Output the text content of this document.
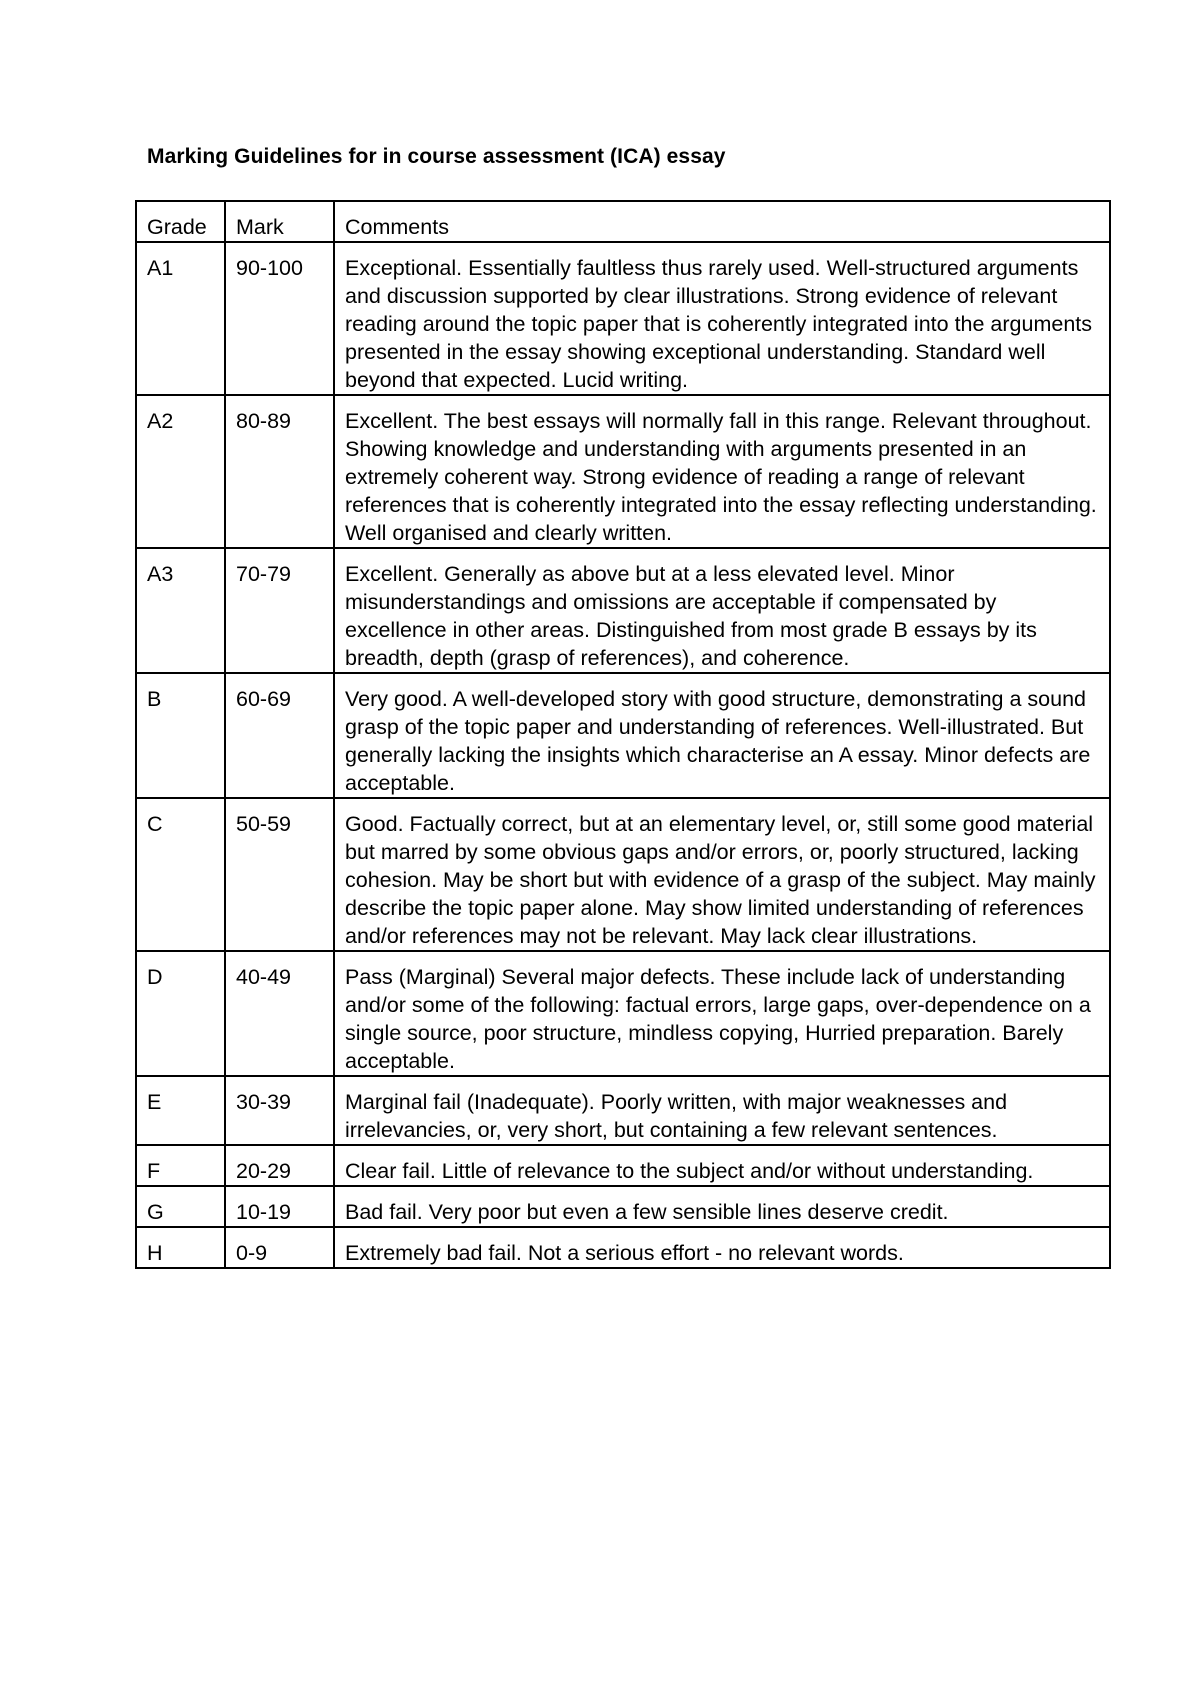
Marking Guidelines for in course assessment (ICA) essay
Grade	Mark	Comments
A1	90-100	Exceptional. Essentially faultless thus rarely used. Well-structured arguments and discussion supported by clear illustrations. Strong evidence of relevant reading around the topic paper that is coherently integrated into the arguments presented in the essay showing exceptional understanding. Standard well beyond that expected. Lucid writing.
A2	80-89	Excellent. The best essays will normally fall in this range. Relevant throughout. Showing knowledge and understanding with arguments presented in an extremely coherent way. Strong evidence of reading a range of relevant references that is coherently integrated into the essay reflecting understanding. Well organised and clearly written.
A3	70-79	Excellent. Generally as above but at a less elevated level. Minor misunderstandings and omissions are acceptable if compensated by excellence in other areas. Distinguished from most grade B essays by its breadth, depth (grasp of references), and coherence.
B	60-69	Very good. A well-developed story with good structure, demonstrating a sound grasp of the topic paper and understanding of references. Well-illustrated. But generally lacking the insights which characterise an A essay. Minor defects are acceptable.
C	50-59	Good. Factually correct, but at an elementary level, or, still some good material but marred by some obvious gaps and/or errors, or, poorly structured, lacking cohesion. May be short but with evidence of a grasp of the subject. May mainly describe the topic paper alone. May show limited understanding of references and/or references may not be relevant. May lack clear illustrations.
D	40-49	Pass (Marginal) Several major defects. These include lack of understanding and/or some of the following: factual errors, large gaps, over-dependence on a single source, poor structure, mindless copying, Hurried preparation. Barely acceptable.
E	30-39	Marginal fail (Inadequate). Poorly written, with major weaknesses and irrelevancies, or, very short, but containing a few relevant sentences.
F	20-29	Clear fail. Little of relevance to the subject and/or without understanding.
G	10-19	Bad fail. Very poor but even a few sensible lines deserve credit.
H	0-9	Extremely bad fail. Not a serious effort - no relevant words.
